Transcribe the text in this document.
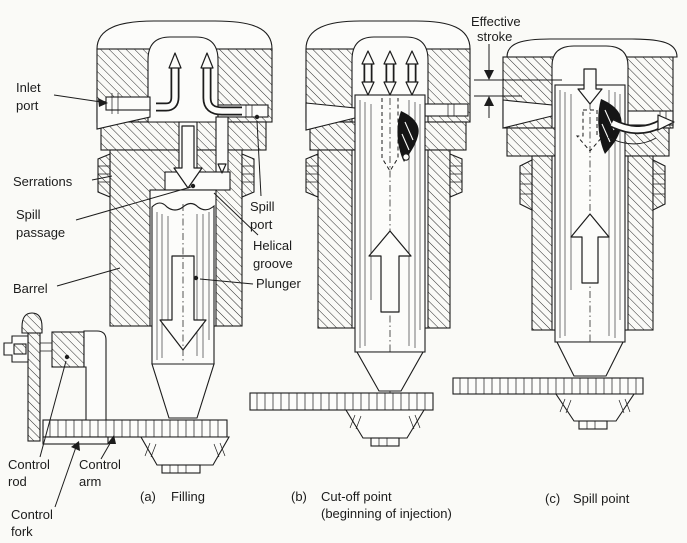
Inlet port
Serrations
Spill passage
Barrel
Spill port
Helical groove
Plunger
Control rod
Control arm
Control fork
Effective stroke
(a) Filling	(b) Cut-off point
(beginning of injection)
(c) Spill point
